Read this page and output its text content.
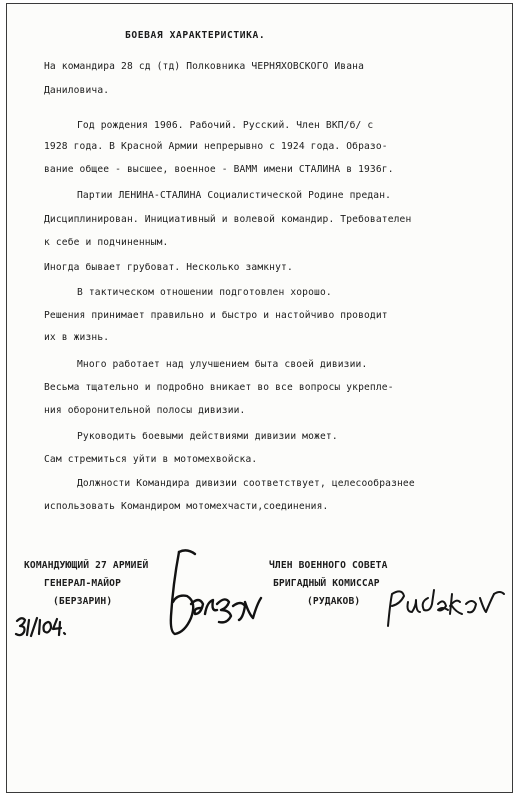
БОЕВАЯ ХАРАКТЕРИСТИКА.
На командира 28 сд (тд) Полковника ЧЕРНЯХОВСКОГО Ивана
Даниловича.
Год рождения 1906. Рабочий. Русский. Член ВКП/б/ с
1928 года. В Красной Армии непрерывно с 1924 года. Образо-
вание общее - высшее, военное - ВАММ имени СТАЛИНА в 1936г.
Партии ЛЕНИНА-СТАЛИНА Социалистической Родине предан.
Дисциплинирован. Инициативный и волевой командир. Требователен
к себе и подчиненным.
Иногда бывает грубоват. Несколько замкнут.
В тактическом отношении подготовлен хорошо.
Решения принимает правильно и быстро и настойчиво проводит
их в жизнь.
Много работает над улучшением быта своей дивизии.
Весьма тщательно и подробно вникает во все вопросы укрепле-
ния оборонительной полосы дивизии.
Руководить боевыми действиями дивизии может.
Сам стремиться уйти в мотомехвойска.
Должности Командира дивизии соответствует, целесообразнее
использовать Командиром мотомехчасти,соединения.
КОМАНДУЮЩИЙ 27 АРМИЕЙ
ГЕНЕРАЛ-МАЙОР
(БЕРЗАРИН)
ЧЛЕН ВОЕННОГО СОВЕТА
БРИГАДНЫЙ КОМИССАР
(РУДАКОВ)
